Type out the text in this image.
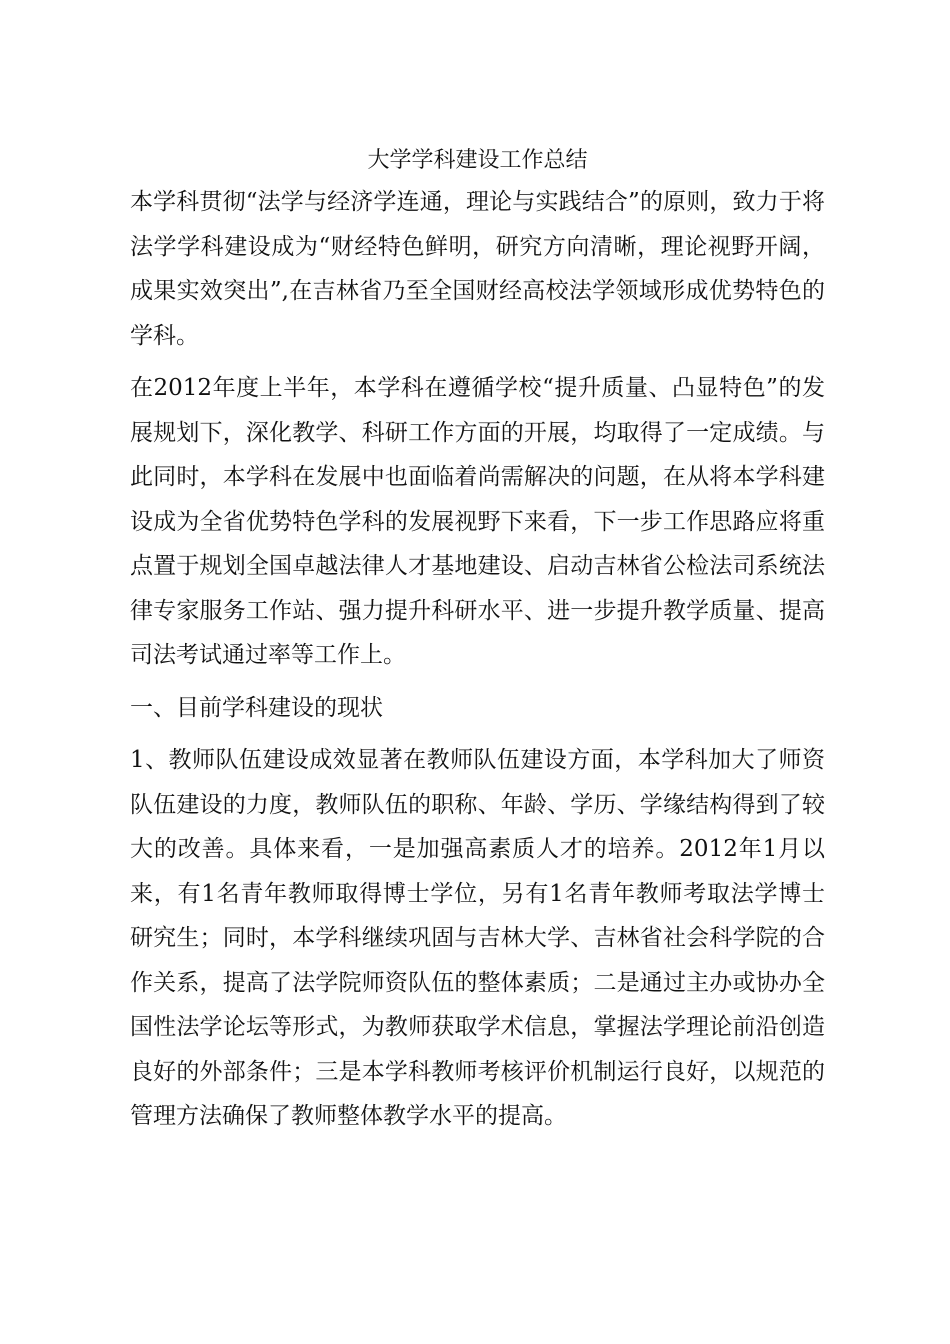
大学学科建设工作总结

本学科贯彻“法学与经济学连通，理论与实践结合”的原则，致力于将法学学科建设成为“财经特色鲜明，研究方向清晰，理论视野开阔，成果实效突出”,在吉林省乃至全国财经高校法学领域形成优势特色的学科。

在2012年度上半年，本学科在遵循学校“提升质量、凸显特色”的发展规划下，深化教学、科研工作方面的开展，均取得了一定成绩。与此同时，本学科在发展中也面临着尚需解决的问题，在从将本学科建设成为全省优势特色学科的发展视野下来看，下一步工作思路应将重点置于规划全国卓越法律人才基地建设、启动吉林省公检法司系统法律专家服务工作站、强力提升科研水平、进一步提升教学质量、提高司法考试通过率等工作上。

一、目前学科建设的现状

1、教师队伍建设成效显著在教师队伍建设方面，本学科加大了师资队伍建设的力度，教师队伍的职称、年龄、学历、学缘结构得到了较大的改善。具体来看，一是加强高素质人才的培养。2012年1月以来，有1名青年教师取得博士学位，另有1名青年教师考取法学博士研究生；同时，本学科继续巩固与吉林大学、吉林省社会科学院的合作关系，提高了法学院师资队伍的整体素质；二是通过主办或协办全国性法学论坛等形式，为教师获取学术信息，掌握法学理论前沿创造良好的外部条件；三是本学科教师考核评价机制运行良好，以规范的管理方法确保了教师整体教学水平的提高。
